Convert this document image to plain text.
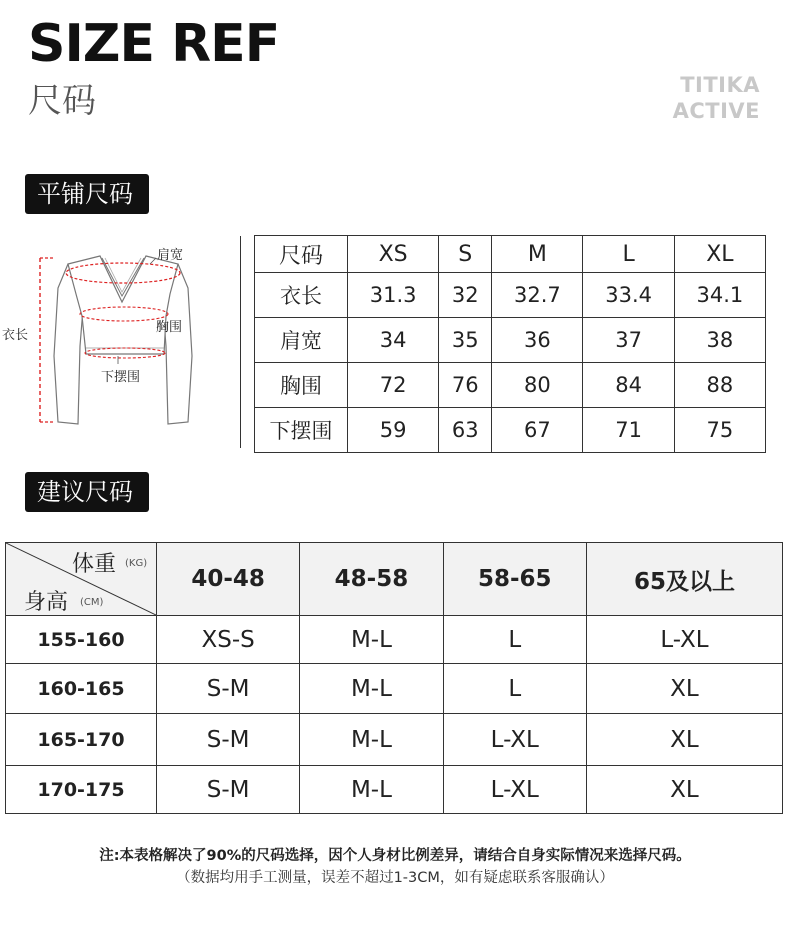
SIZE REF
尺码	TITIKA
ACTIVE
平铺尺码
肩宽
衣长
胸围
下摆围
尺码	XS	S	M	L	XL
衣长	31.3	32	32.7	33.4	34.1
肩宽	34	35	36	37	38
胸围	72	76	80	84	88
下摆围	59	63	67	71	75
建议尺码
体重 (KG)
身高 (CM)	40-48	48-58	58-65	65及以上
155-160	XS-S	M-L	L	L-XL
160-165	S-M	M-L	L	XL
165-170	S-M	M-L	L-XL	XL
170-175	S-M	M-L	L-XL	XL
注:本表格解决了90%的尺码选择，因个人身材比例差异，请结合自身实际情况来选择尺码。
（数据均用手工测量，误差不超过1-3CM，如有疑虑联系客服确认）
